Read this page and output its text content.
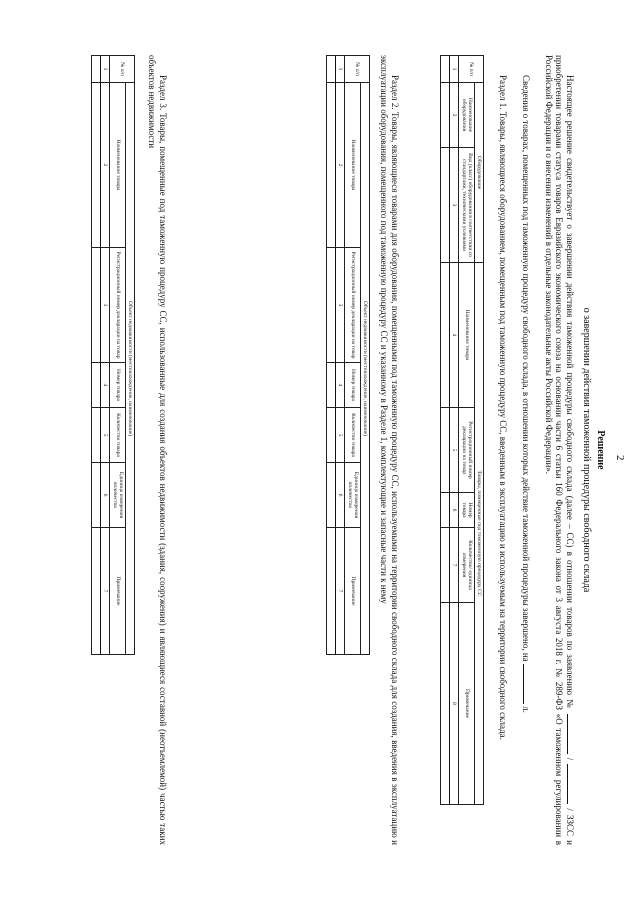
2

Решение

о завершении действия таможенной процедуры свободного склада

Настоящее решение свидетельствует о завершении действия таможенной процедуры свободного склада (далее – СС) в отношении товаров по заявлению №  /  / ЗЗСС и приобретении товарами статуса товаров Евразийского экономического союза на основании части 6 статьи 160 Федерального закона от 3 августа 2018 г. № 289-ФЗ «О таможенном регулировании в Российской Федерации и о внесении изменений в отдельные законодательные акты Российской Федерации».

Сведения о товарах, помещенных под таможенную процедуру свободного склада, в отношении которых действие таможенной процедуры завершено, на  л.

Раздел 1. Товары, являющиеся оборудованием, помещенным под таможенную процедуру СС, введенным в эксплуатацию и используемым на территории свободного склада.

№ п/п	Оборудование		Товары, помещенные под таможенную процедуру СС				
	Наименование оборудования	Вид (класс) оборудования в соответствии со стандартами, техническими условиями	Наименование товара	Регистрационный номер декларации на товар	Номер товара	Количество/ единица измерения	Примечание
1	2	3	4	5	6	7	8

Раздел 2. Товары, являющиеся товарами для оборудования, помещенными под таможенную процедуру СС, используемыми на территории свободного склада для создания, введения в эксплуатацию и эксплуатации оборудования, помещенного под таможенную процедуру СС и указанному в Разделе 1, комплектующие и запасные части к нему

№ п/п	Объект недвижимости (местонахождение, наименование)					
	Наименование товара	Регистрационный номер декларации на товар	Номер товара	Количество товара	Единица измерения количества	Примечание
1	2	3	4	5	6	7

Раздел 3. Товары, помещенные под таможенную процедуру СС, использованные для создания объектов недвижимости (здания, сооружения) и являющиеся составной (неотъемлемой) частью таких объектов недвижимости

№ п/п	Объект недвижимости (местонахождение, наименование)					
	Наименование товара	Регистрационный номер декларации на товар	Номер товара	Количество товара	Единица измерения количества	Примечание
1	2	3	4	5	6	7
